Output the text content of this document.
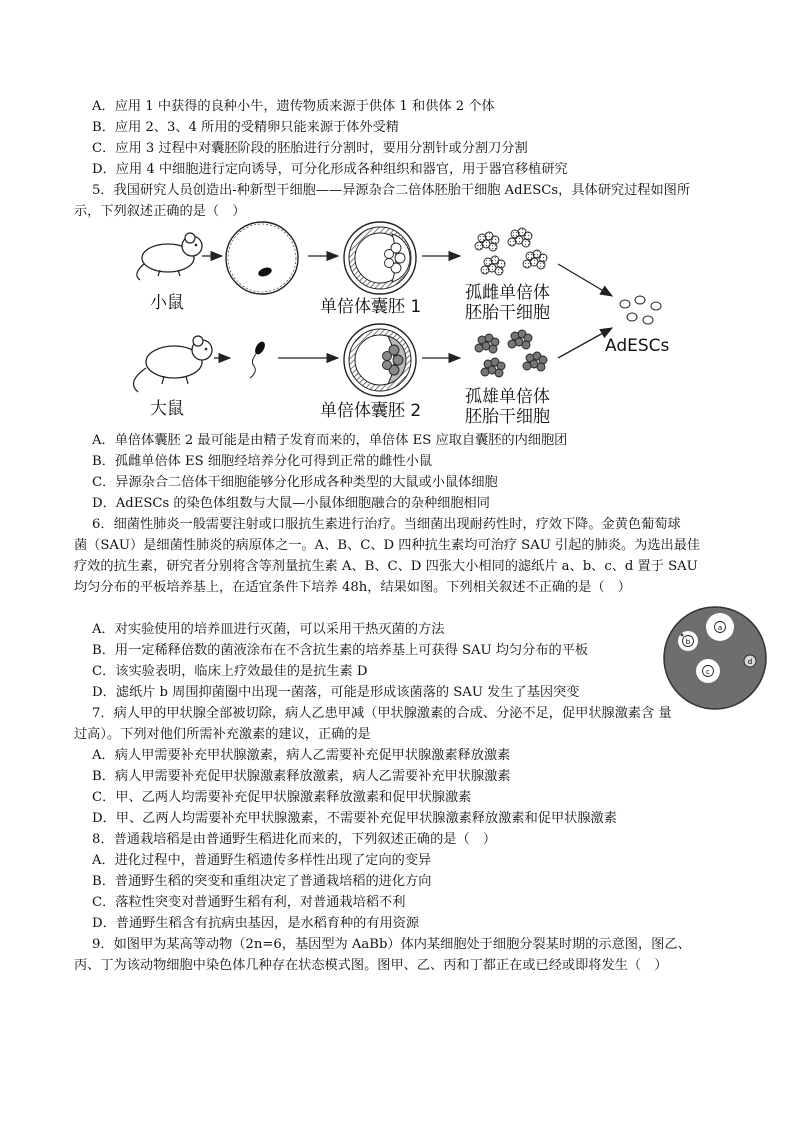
A．应用 1 中获得的良种小牛，遗传物质来源于供体 1 和供体 2 个体
B．应用 2、3、4 所用的受精卵只能来源于体外受精
C．应用 3 过程中对囊胚阶段的胚胎进行分割时，要用分割针或分割刀分割
D．应用 4 中细胞进行定向诱导，可分化形成各种组织和器官，用于器官移植研究
5．我国研究人员创造出-种新型干细胞——异源杂合二倍体胚胎干细胞 AdESCs，具体研究过程如图所
示，下列叙述正确的是（　）
小鼠	单倍体囊胚 1
孤雌单倍体
胚胎干细胞
AdESCs
大鼠	单倍体囊胚 2
孤雄单倍体
胚胎干细胞
A．单倍体囊胚 2 最可能是由精子发育而来的，单倍体 ES 应取自囊胚的内细胞团
B．孤雌单倍体 ES 细胞经培养分化可得到正常的雌性小鼠
C．异源杂合二倍体干细胞能够分化形成各种类型的大鼠或小鼠体细胞
D．AdESCs 的染色体组数与大鼠—小鼠体细胞融合的杂种细胞相同
6．细菌性肺炎一般需要注射或口服抗生素进行治疗。当细菌出现耐药性时，疗效下降。金黄色葡萄球
菌（SAU）是细菌性肺炎的病原体之一。A、B、C、D 四种抗生素均可治疗 SAU 引起的肺炎。为选出最佳
疗效的抗生素，研究者分别将含等剂量抗生素 A、B、C、D 四张大小相同的滤纸片 a、b、c、d 置于 SAU
均匀分布的平板培养基上，在适宜条件下培养 48h，结果如图。下列相关叙述不正确的是（　）
b
a
c
d
A．对实验使用的培养皿进行灭菌，可以采用干热灭菌的方法
B．用一定稀释倍数的菌液涂布在不含抗生素的培养基上可获得 SAU 均匀分布的平板
C．该实验表明，临床上疗效最佳的是抗生素 D
D．滤纸片 b 周围抑菌圈中出现一菌落，可能是形成该菌落的 SAU 发生了基因突变
7．病人甲的甲状腺全部被切除，病人乙患甲减（甲状腺激素的合成、分泌不足，促甲状腺激素含 量
过高）。下列对他们所需补充激素的建议，正确的是
A．病人甲需要补充甲状腺激素，病人乙需要补充促甲状腺激素释放激素
B．病人甲需要补充促甲状腺激素释放激素，病人乙需要补充甲状腺激素
C．甲、乙两人均需要补充促甲状腺激素释放激素和促甲状腺激素
D．甲、乙两人均需要补充甲状腺激素，不需要补充促甲状腺激素释放激素和促甲状腺激素
8．普通栽培稻是由普通野生稻进化而来的，下列叙述正确的是（　）
A．进化过程中，普通野生稻遗传多样性出现了定向的变异
B．普通野生稻的突变和重组决定了普通栽培稻的进化方向
C．落粒性突变对普通野生稻有利，对普通栽培稻不利
D．普通野生稻含有抗病虫基因，是水稻育种的有用资源
9．如图甲为某高等动物（2n=6，基因型为 AaBb）体内某细胞处于细胞分裂某时期的示意图，图乙、
丙、丁为该动物细胞中染色体几种存在状态模式图。图甲、乙、丙和丁都正在或已经或即将发生（　）
